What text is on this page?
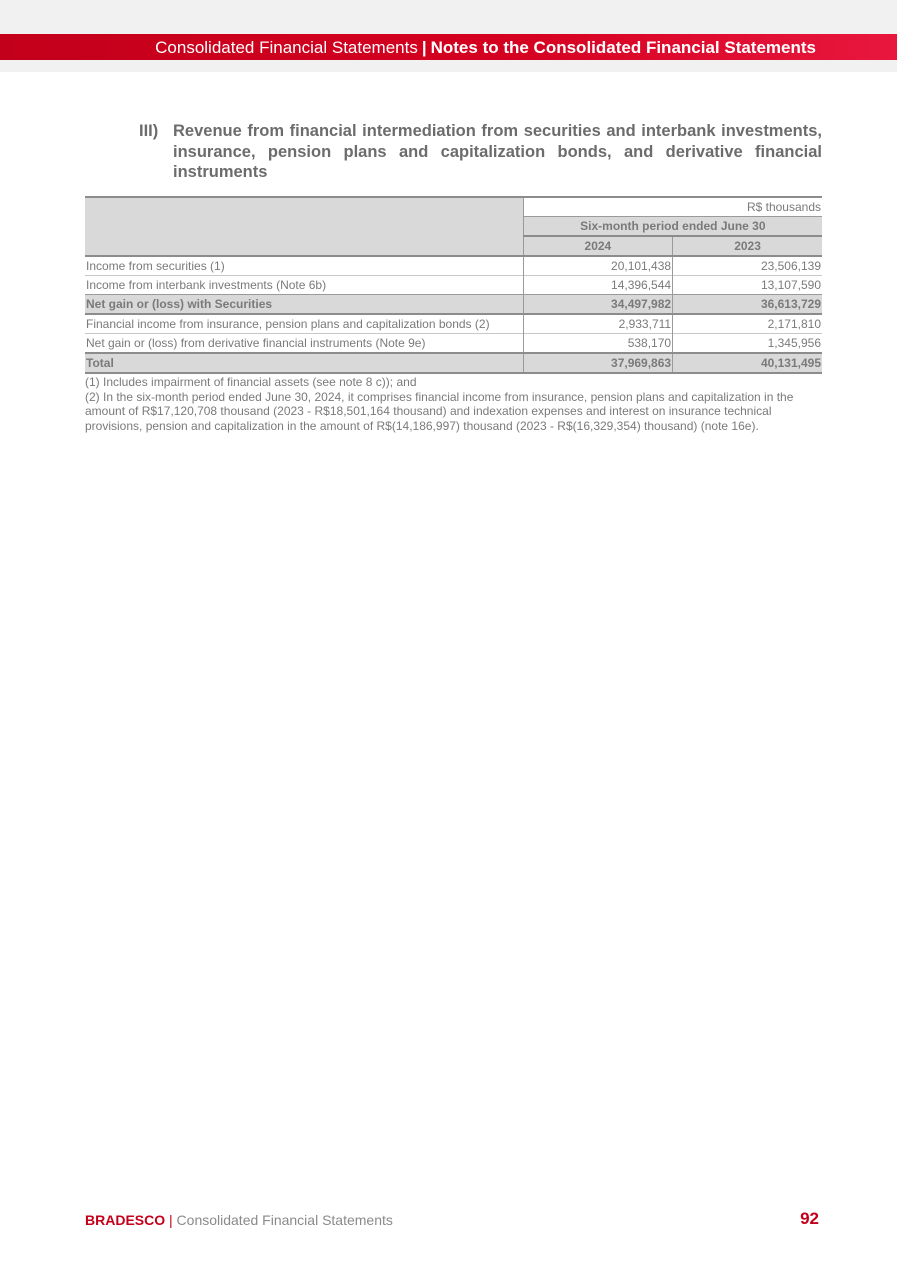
Consolidated Financial Statements | Notes to the Consolidated Financial Statements
III) Revenue from financial intermediation from securities and interbank investments, insurance, pension plans and capitalization bonds, and derivative financial instruments
	R$ thousands	
	Six-month period ended June 30	
	2024	2023
Income from securities (1)	20,101,438	23,506,139
Income from interbank investments (Note 6b)	14,396,544	13,107,590
Net gain or (loss) with Securities	34,497,982	36,613,729
Financial income from insurance, pension plans and capitalization bonds (2)	2,933,711	2,171,810
Net gain or (loss) from derivative financial instruments (Note 9e)	538,170	1,345,956
Total	37,969,863	40,131,495

(1) Includes impairment of financial assets (see note 8 c)); and

(2) In the six-month period ended June 30, 2024, it comprises financial income from insurance, pension plans and capitalization in the amount of R$17,120,708 thousand (2023 - R$18,501,164 thousand) and indexation expenses and interest on insurance technical provisions, pension and capitalization in the amount of R$(14,186,997) thousand (2023 - R$(16,329,354) thousand) (note 16e).

BRADESCO | Consolidated Financial Statements	92
